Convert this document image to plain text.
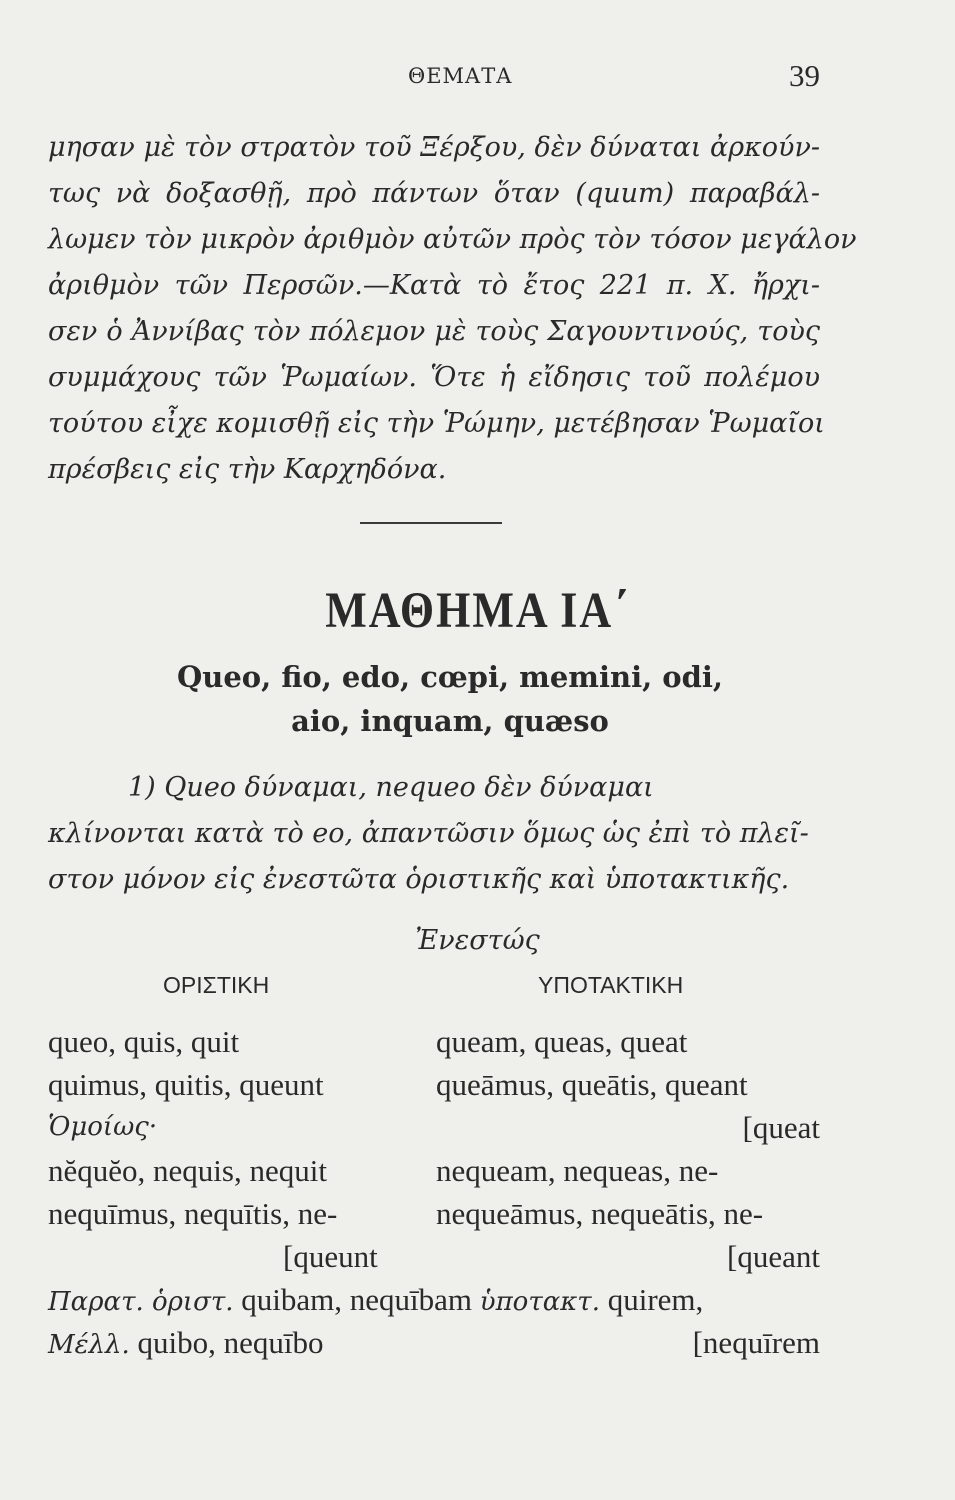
ΘΕΜΑΤΑ	39
μησαν μὲ τὸν στρατὸν τοῦ Ξέρξου, δὲν δύναται ἀρκούν-
τως νὰ δοξασθῇ, πρὸ πάντων ὅταν (quum) παραβάλ-
λωμεν τὸν μικρὸν ἀριθμὸν αὐτῶν πρὸς τὸν τόσον μεγάλον
ἀριθμὸν τῶν Περσῶν.—Κατὰ τὸ ἔτος 221 π. Χ. ἤρχι-
σεν ὁ Ἀννίβας τὸν πόλεμον μὲ τοὺς Σαγουντινούς, τοὺς
συμμάχους τῶν Ῥωμαίων. Ὅτε ἡ εἴδησις τοῦ πολέμου
τούτου εἶχε κομισθῇ εἰς τὴν Ῥώμην, μετέβησαν Ῥωμαῖοι
πρέσβεις εἰς τὴν Καρχηδόνα.
ΜΑΘΗΜΑ ΙΑ΄
Queo, fio, edo, cœpi, memini, odi,
aio, inquam, quæso
1) Queo δύναμαι, nequeo δὲν δύναμαι
κλίνονται κατὰ τὸ eo, ἀπαντῶσιν ὅμως ὡς ἐπὶ τὸ πλεῖ-
στον μόνον εἰς ἐνεστῶτα ὁριστικῆς καὶ ὑποτακτικῆς.
Ἐνεστώς
ΟΡΙΣΤΙΚΗ	ΥΠΟΤΑΚΤΙΚΗ
queo, quis, quit	queam, queas, queat
quimus, quitis, queunt	queāmus, queātis, queant
Ὁμοίως·	[queat
nĕquĕo, nequis, nequit	nequeam, nequeas, ne-
nequīmus, nequītis, ne-	nequeāmus, nequeātis, ne-
[queunt	[queant
Παρατ. ὁριστ. quibam, nequībam ὑποτακτ. quirem,
Μέλλ. quibo, nequībo	[nequīrem
